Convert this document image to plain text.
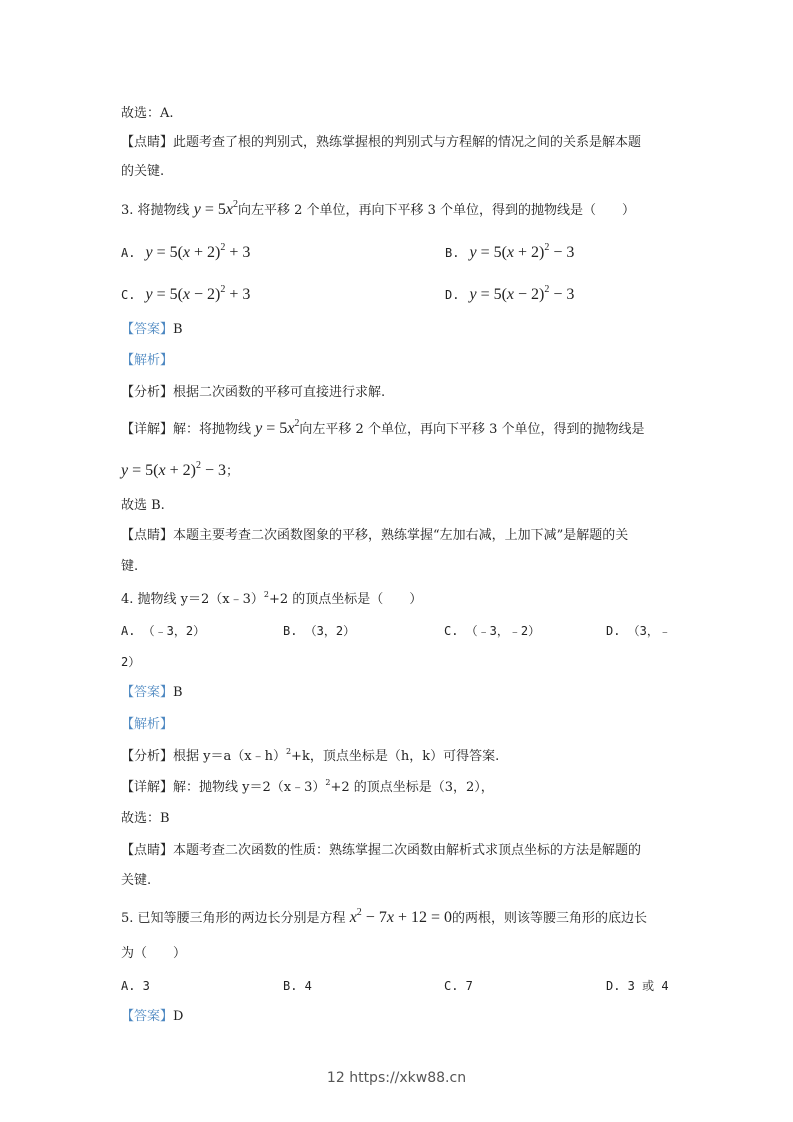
故选：A.
【点睛】此题考查了根的判别式，熟练掌握根的判别式与方程解的情况之间的关系是解本题
的关键.
3. 将抛物线 $y = 5x^2$向左平移 2 个单位，再向下平移 3 个单位，得到的抛物线是（　　）
A. $y = 5(x + 2)^2 + 3$	B. $y = 5(x + 2)^2 - 3$
C. $y = 5(x - 2)^2 + 3$	D. $y = 5(x - 2)^2 - 3$
【答案】B
【解析】
【分析】根据二次函数的平移可直接进行求解.
【详解】解：将抛物线 $y = 5x^2$向左平移 2 个单位，再向下平移 3 个单位，得到的抛物线是
$y = 5(x + 2)^2 - 3$；
故选 B.
【点睛】本题主要考查二次函数图象的平移，熟练掌握“左加右减，上加下减”是解题的关
键.
4. 抛物线 y＝2（x﹣3）$^2$+2 的顶点坐标是（　　）
A. （﹣3，2）	B. （3，2）	C. （﹣3，﹣2）	D. （3，﹣
2）
【答案】B
【解析】
【分析】根据 y＝a（x﹣h）$^2$+k，顶点坐标是（h，k）可得答案.
【详解】解：抛物线 y＝2（x﹣3）$^2$+2 的顶点坐标是（3，2），
故选：B
【点睛】本题考查二次函数的性质：熟练掌握二次函数由解析式求顶点坐标的方法是解题的
关键.
5. 已知等腰三角形的两边长分别是方程 $x^2 - 7x + 12 = 0$的两根，则该等腰三角形的底边长
为（　　）
A. 3	B. 4	C. 7	D. 3 或 4
【答案】D
12 https://xkw88.cn
